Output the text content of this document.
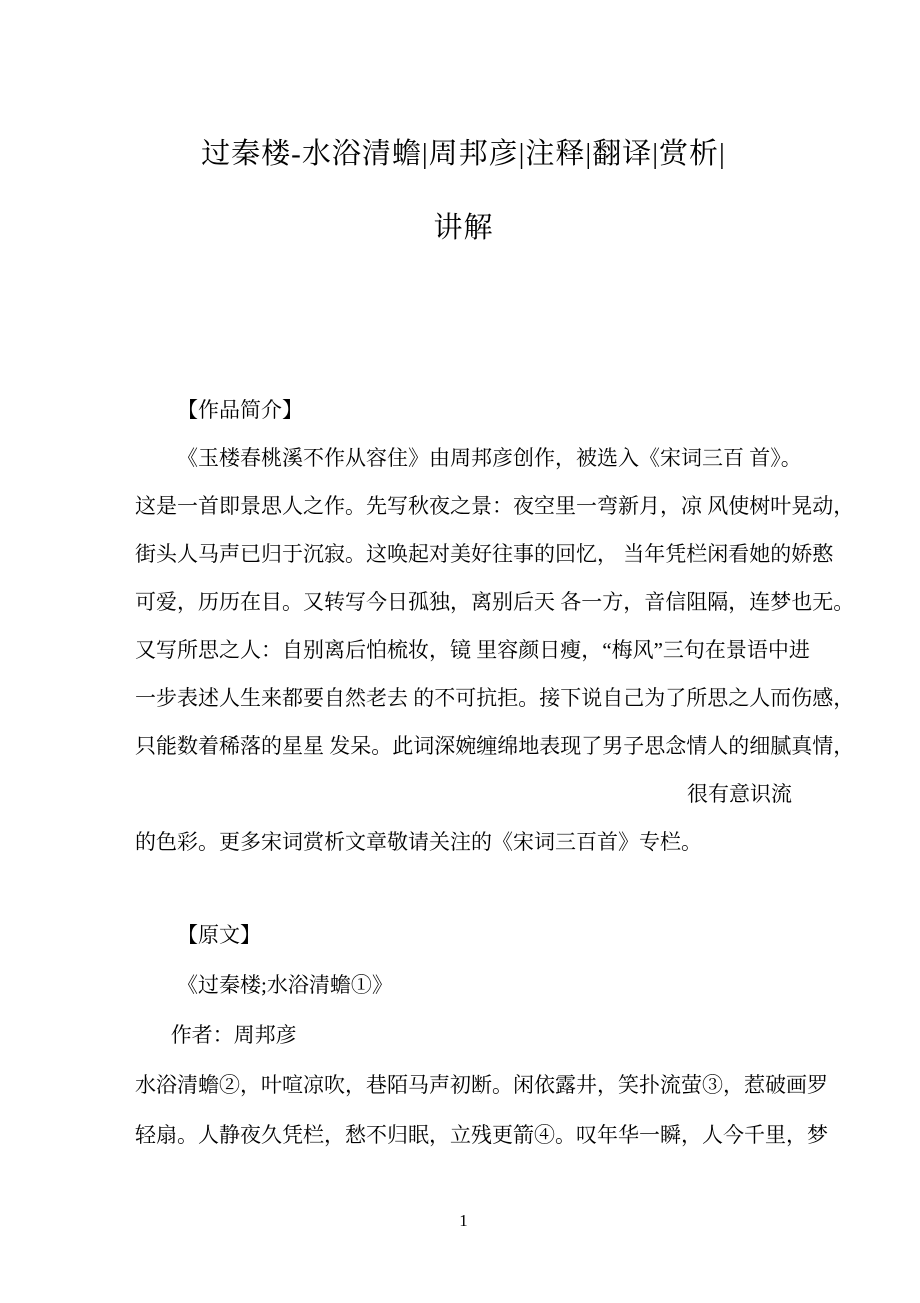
过秦楼-水浴清蟾|周邦彦|注释|翻译|赏析|
讲解
【作品简介】
《玉楼春桃溪不作从容住》由周邦彦创作，被选入《宋词三百 首》。
这是一首即景思人之作。先写秋夜之景：夜空里一弯新月，凉 风使树叶晃动，
街头人马声已归于沉寂。这唤起对美好往事的回忆， 当年凭栏闲看她的娇憨
可爱，历历在目。又转写今日孤独，离别后天 各一方，音信阻隔，连梦也无。
又写所思之人：自别离后怕梳妆，镜 里容颜日瘦，“梅风”三句在景语中进
一步表述人生来都要自然老去 的不可抗拒。接下说自己为了所思之人而伤感，
只能数着稀落的星星 发呆。此词深婉缠绵地表现了男子思念情人的细腻真情，
很有意识流
的色彩。更多宋词赏析文章敬请关注的《宋词三百首》专栏。
【原文】
《过秦楼;水浴清蟾①》
作者：周邦彦
水浴清蟾②，叶喧凉吹，巷陌马声初断。闲依露井，笑扑流萤③，惹破画罗
轻扇。人静夜久凭栏，愁不归眠，立残更箭④。叹年华一瞬，人今千里，梦
1
